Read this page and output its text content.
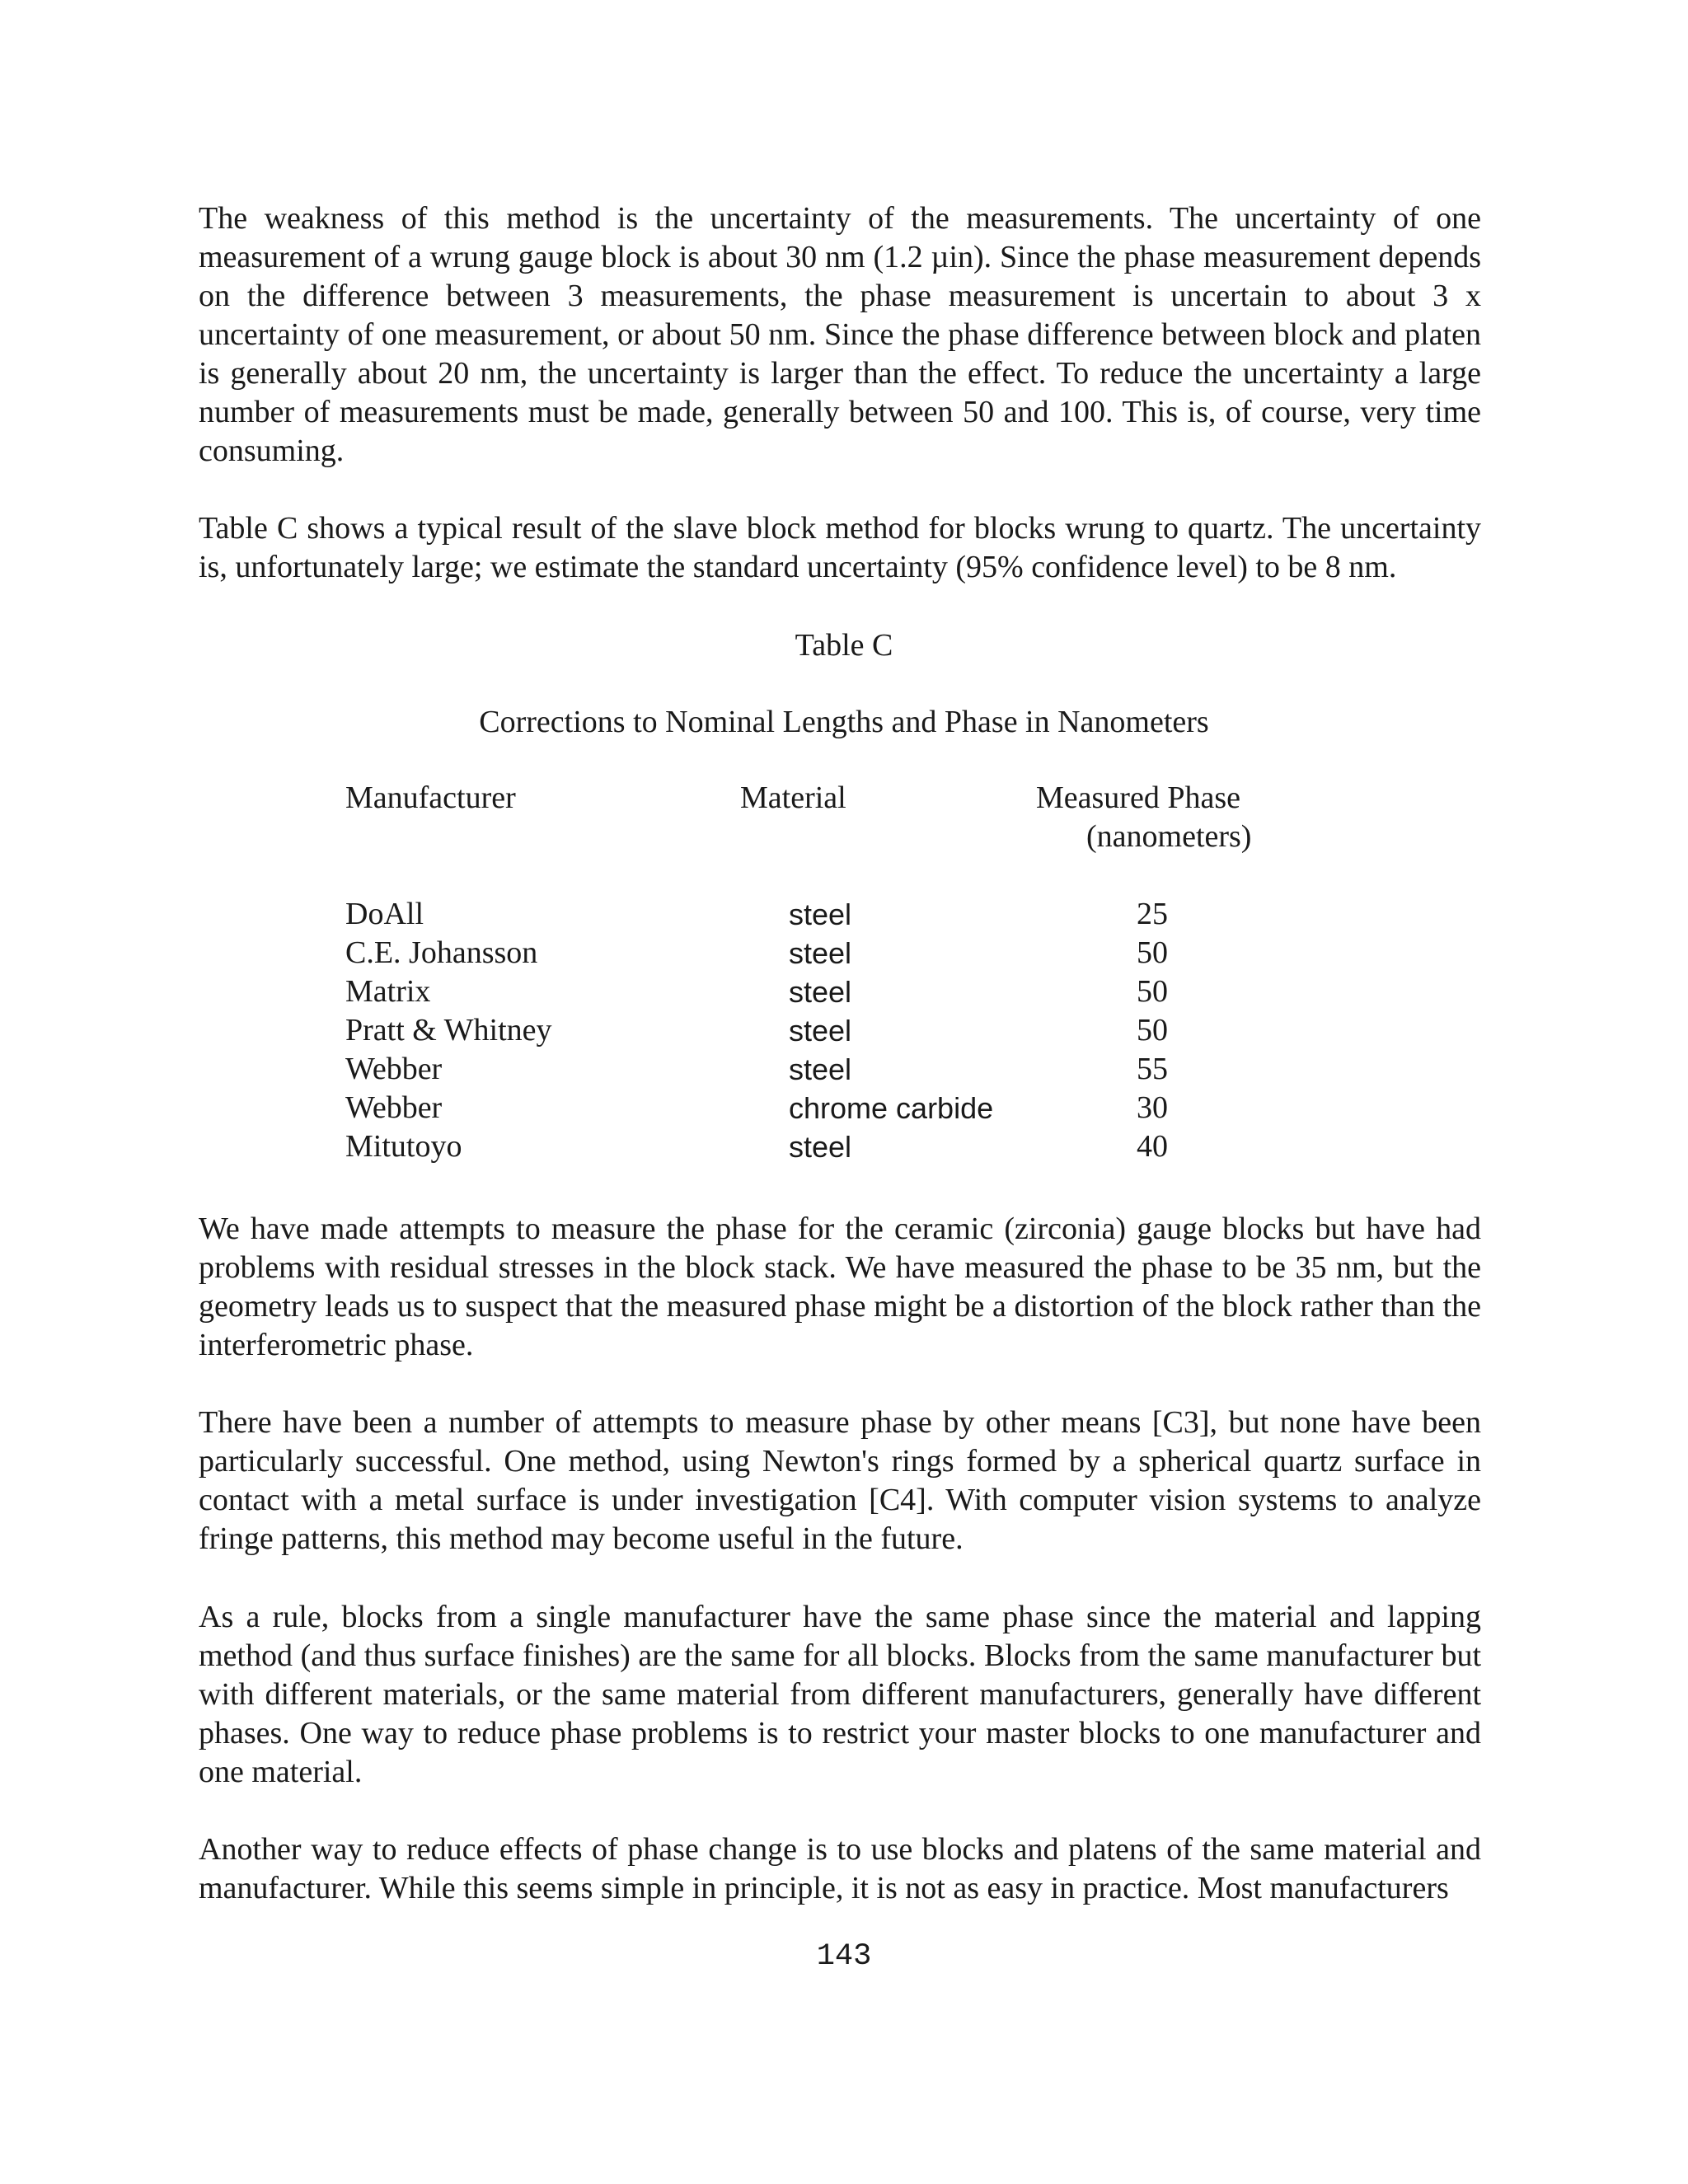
The weakness of this method is the uncertainty of the measurements. The uncertainty of one measurement of a wrung gauge block is about 30 nm (1.2 µin). Since the phase measurement depends on the difference between 3 measurements, the phase measurement is uncertain to about 3 x uncertainty of one measurement, or about 50 nm. Since the phase difference between block and platen is generally about 20 nm, the uncertainty is larger than the effect. To reduce the uncertainty a large number of measurements must be made, generally between 50 and 100. This is, of course, very time consuming.

Table C shows a typical result of the slave block method for blocks wrung to quartz. The uncertainty is, unfortunately large; we estimate the standard uncertainty (95% confidence level) to be 8 nm.

Table C

Corrections to Nominal Lengths and Phase in Nanometers

Manufacturer	Material	Measured Phase
(nanometers)
DoAll	steel	25
C.E. Johansson	steel	50
Matrix	steel	50
Pratt & Whitney	steel	50
Webber	steel	55
Webber	chrome carbide	30
Mitutoyo	steel	40

We have made attempts to measure the phase for the ceramic (zirconia) gauge blocks but have had problems with residual stresses in the block stack. We have measured the phase to be 35 nm, but the geometry leads us to suspect that the measured phase might be a distortion of the block rather than the interferometric phase.

There have been a number of attempts to measure phase by other means [C3], but none have been particularly successful. One method, using Newton's rings formed by a spherical quartz surface in contact with a metal surface is under investigation [C4]. With computer vision systems to analyze fringe patterns, this method may become useful in the future.

As a rule, blocks from a single manufacturer have the same phase since the material and lapping method (and thus surface finishes) are the same for all blocks. Blocks from the same manufacturer but with different materials, or the same material from different manufacturers, generally have different phases. One way to reduce phase problems is to restrict your master blocks to one manufacturer and one material.

Another way to reduce effects of phase change is to use blocks and platens of the same material and manufacturer. While this seems simple in principle, it is not as easy in practice. Most manufacturers

143
